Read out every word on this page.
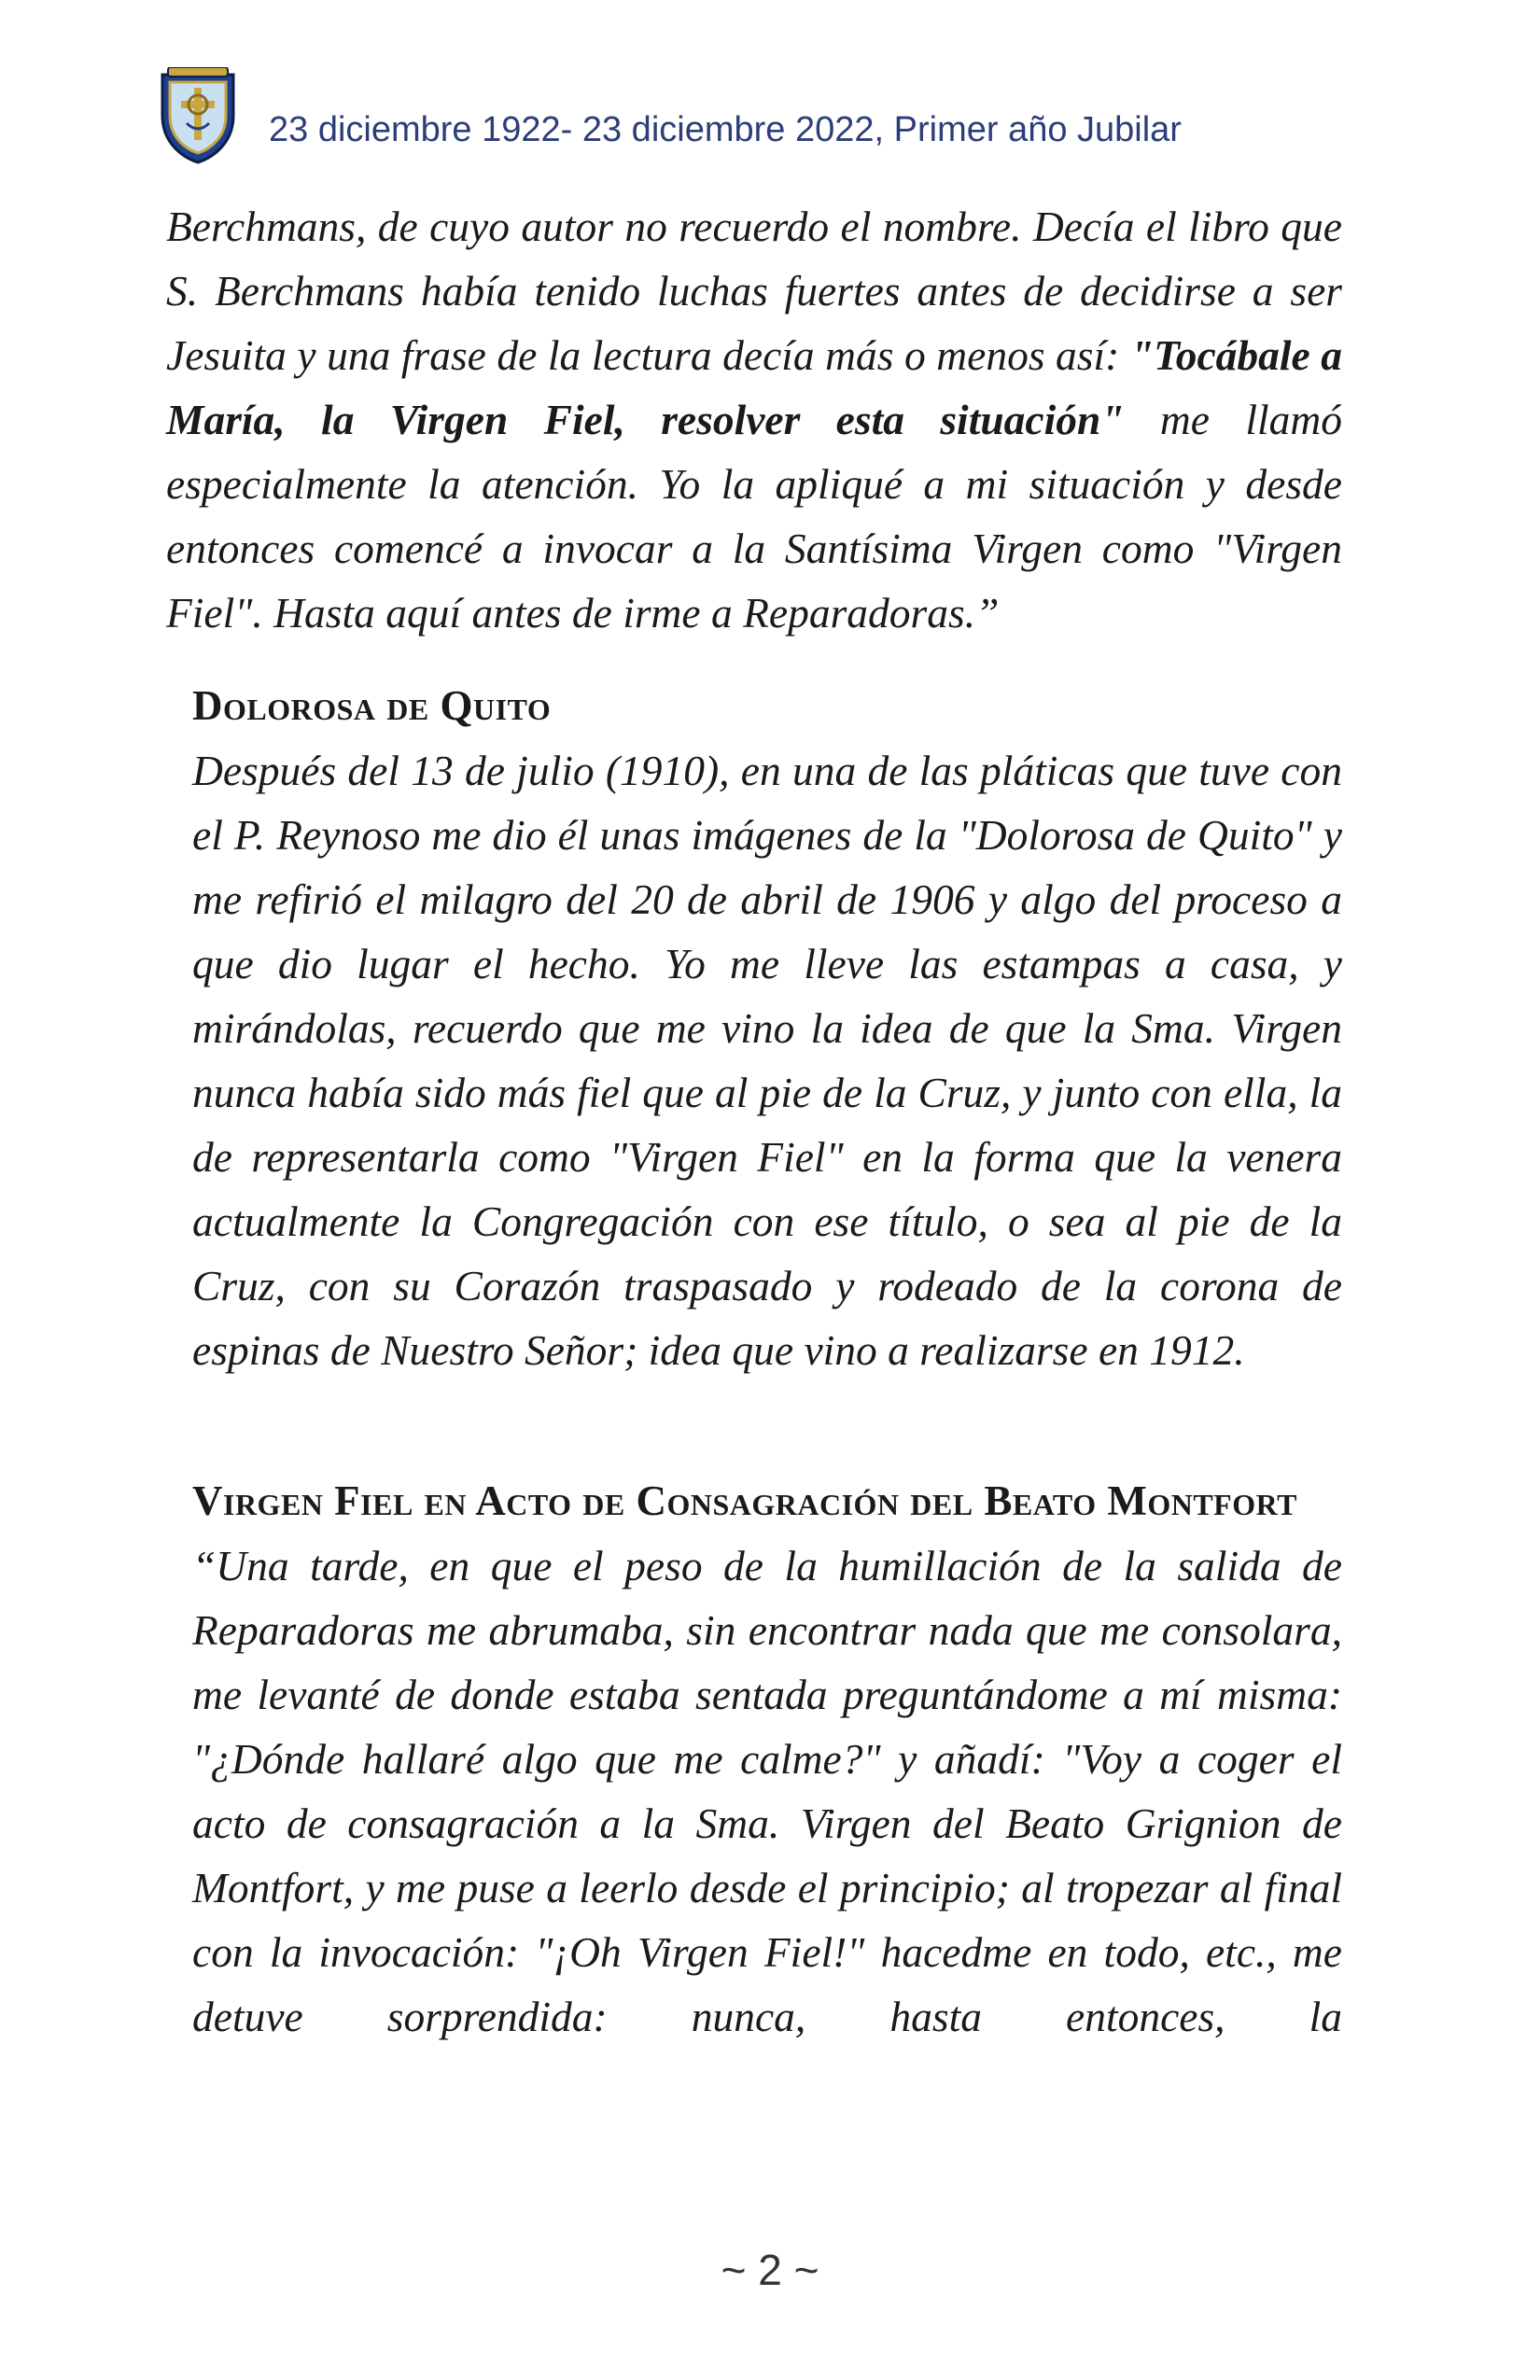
23 diciembre 1922- 23 diciembre 2022, Primer año Jubilar

Berchmans, de cuyo autor no recuerdo el nombre. Decía el libro que S. Berchmans había tenido luchas fuertes antes de decidirse a ser Jesuita y una frase de la lectura decía más o menos así: "Tocábale a María, la Virgen Fiel, resolver esta situación" me llamó especialmente la atención. Yo la apliqué a mi situación y desde entonces comencé a invocar a la Santísima Virgen como "Virgen Fiel". Hasta aquí antes de irme a Reparadoras.”

Dolorosa de Quito

Después del 13 de julio (1910), en una de las pláticas que tuve con el P. Reynoso me dio él unas imágenes de la "Dolorosa de Quito" y me refirió el milagro del 20 de abril de 1906 y algo del proceso a que dio lugar el hecho. Yo me lleve las estampas a casa, y mirándolas, recuerdo que me vino la idea de que la Sma. Virgen nunca había sido más fiel que al pie de la Cruz, y junto con ella, la de representarla como "Virgen Fiel" en la forma que la venera actualmente la Congregación con ese título, o sea al pie de la Cruz, con su Corazón traspasado y rodeado de la corona de espinas de Nuestro Señor; idea que vino a realizarse en 1912.

Virgen Fiel en Acto de Consagración del Beato Montfort

“Una tarde, en que el peso de la humillación de la salida de Reparadoras me abrumaba, sin encontrar nada que me consolara, me levanté de donde estaba sentada preguntándome a mí misma: "¿Dónde hallaré algo que me calme?" y añadí: "Voy a coger el acto de consagración a la Sma. Virgen del Beato Grignion de Montfort, y me puse a leerlo desde el principio; al tropezar al final con la invocación: "¡Oh Virgen Fiel!" hacedme en todo, etc., me detuve sorprendida: nunca, hasta entonces, la

~ 2 ~
